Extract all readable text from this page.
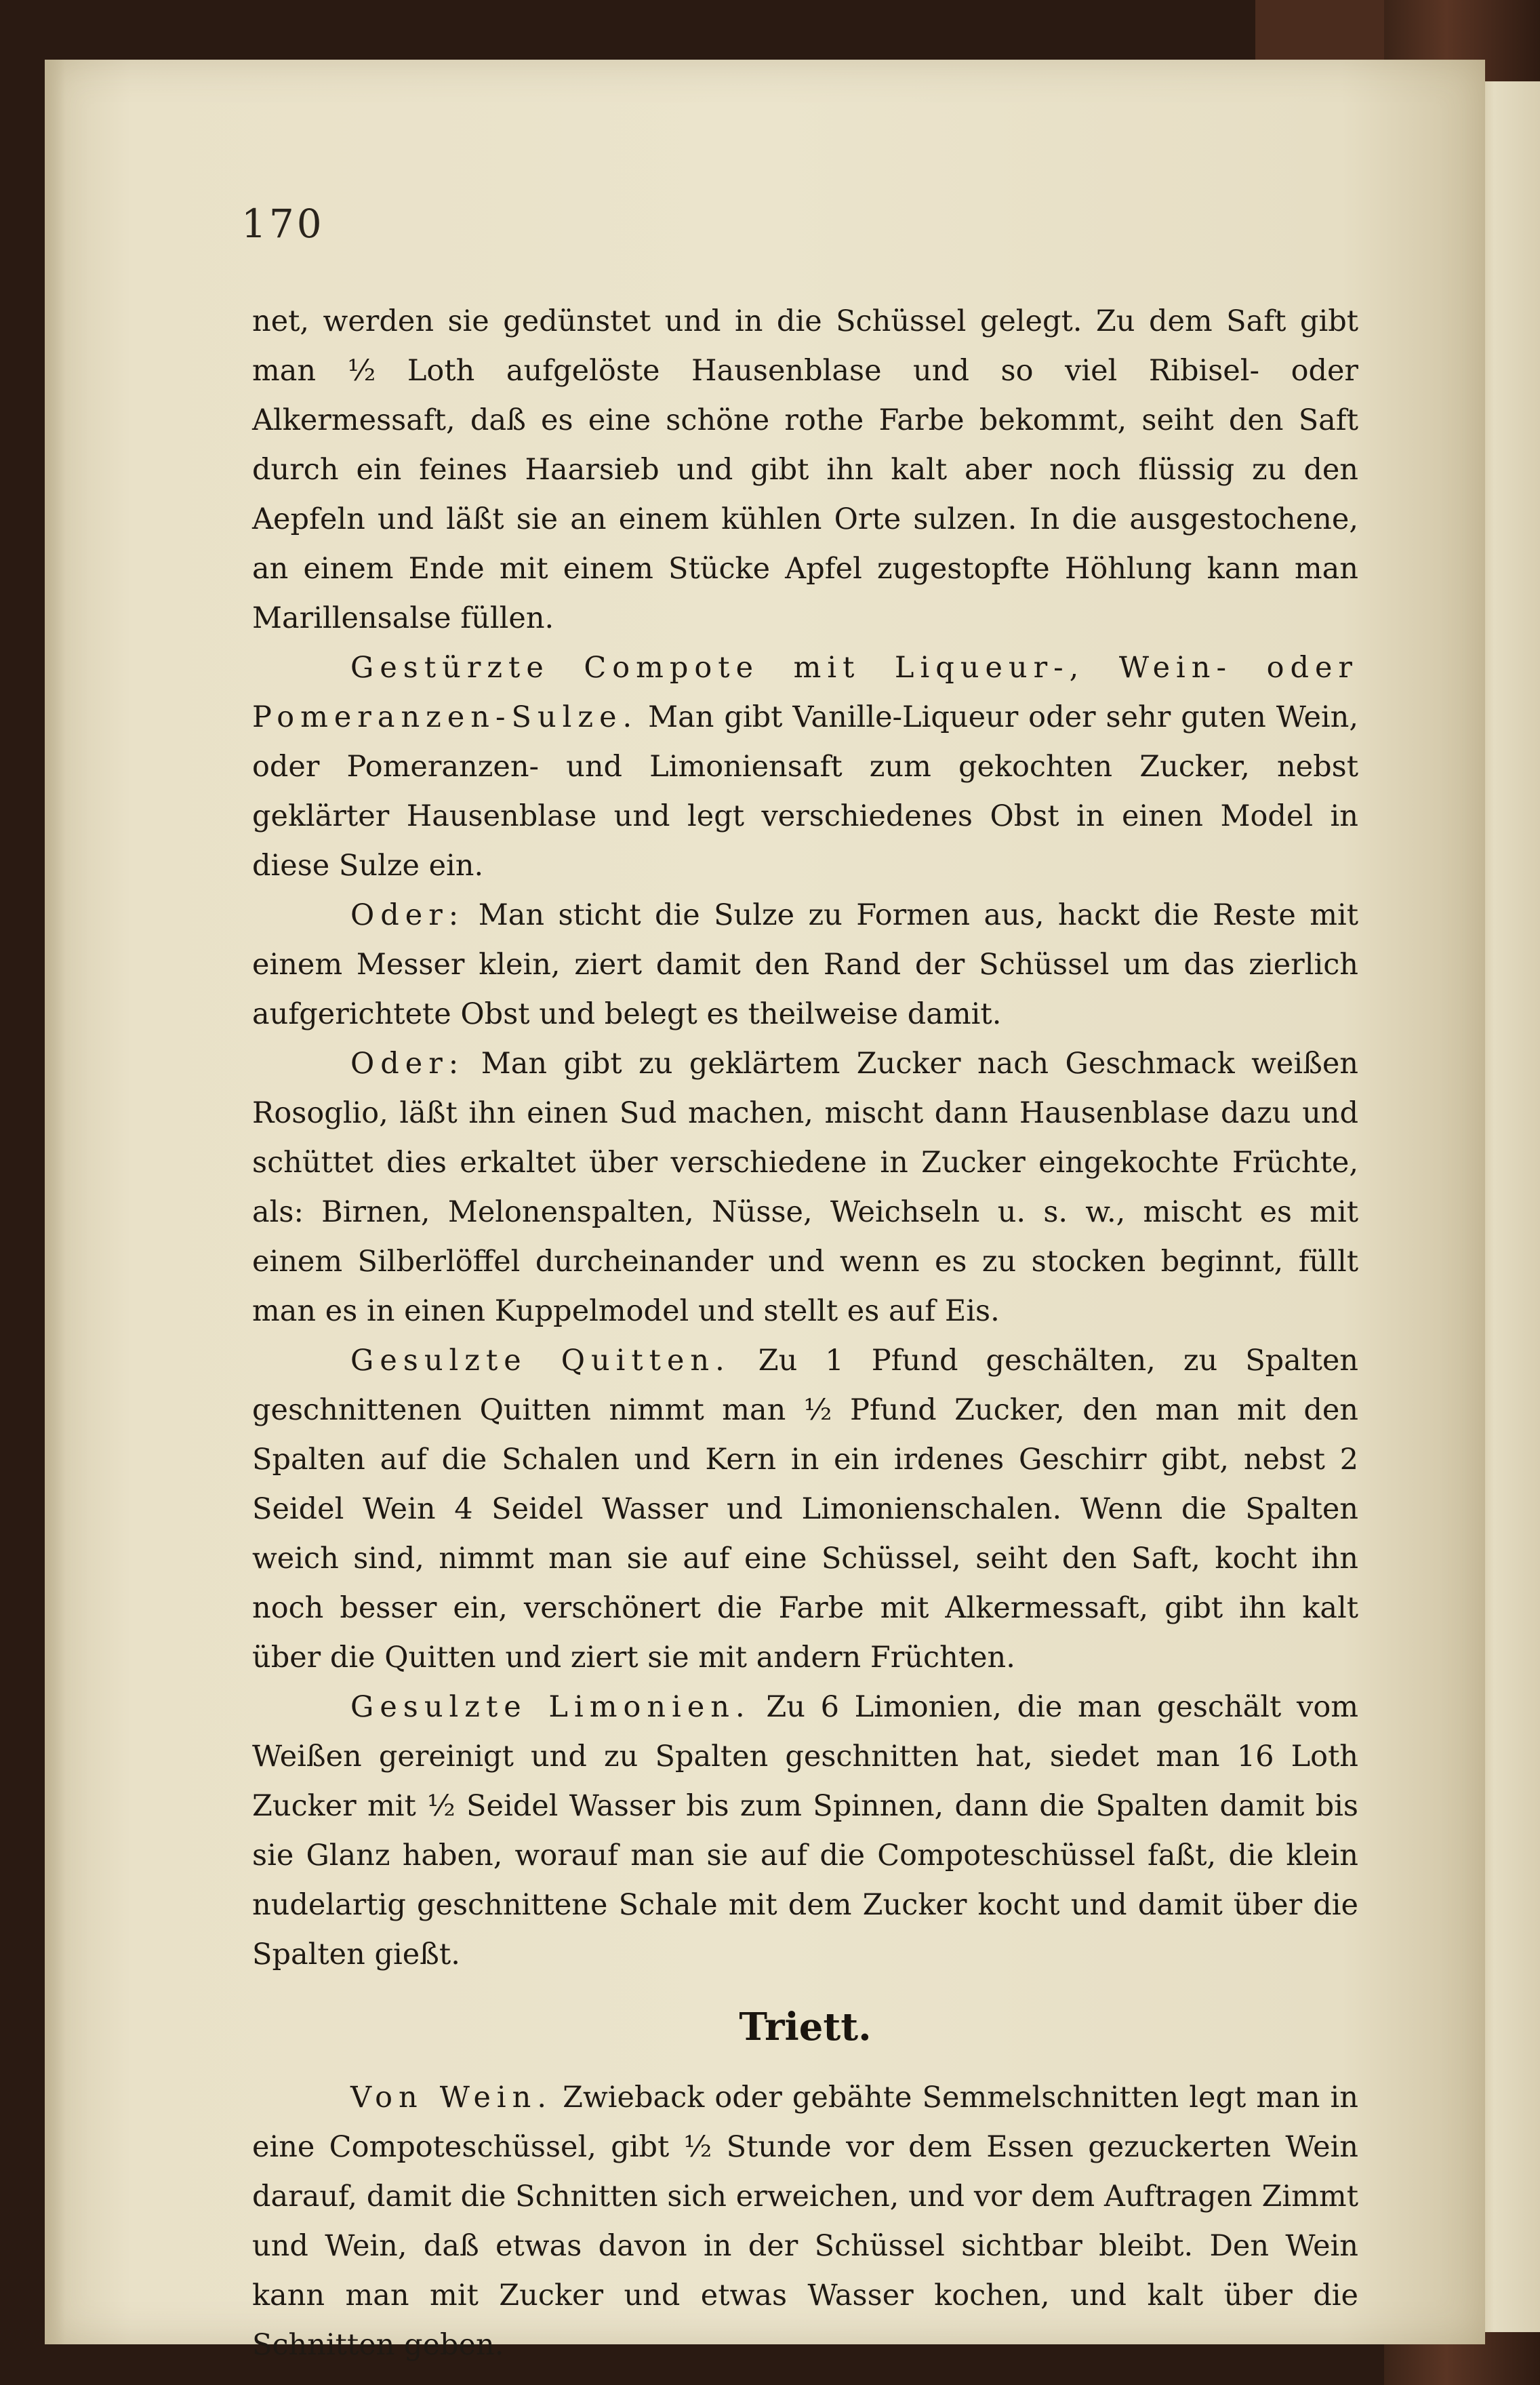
170

net, werden sie gedünstet und in die Schüssel gelegt. Zu dem Saft gibt man ½ Loth aufgelöste Hausenblase und so viel Ribisel- oder Alkermessaft, daß es eine schöne rothe Farbe bekommt, seiht den Saft durch ein feines Haarsieb und gibt ihn kalt aber noch flüssig zu den Aepfeln und läßt sie an einem kühlen Orte sulzen. In die ausgestochene, an einem Ende mit einem Stücke Apfel zugestopfte Höhlung kann man Marillensalse füllen.

Gestürzte Compote mit Liqueur-, Wein- oder Pomeranzen-Sulze. Man gibt Vanille-Liqueur oder sehr guten Wein, oder Pomeranzen- und Limoniensaft zum gekochten Zucker, nebst geklärter Hausenblase und legt verschiedenes Obst in einen Model in diese Sulze ein.

Oder: Man sticht die Sulze zu Formen aus, hackt die Reste mit einem Messer klein, ziert damit den Rand der Schüssel um das zierlich aufgerichtete Obst und belegt es theilweise damit.

Oder: Man gibt zu geklärtem Zucker nach Geschmack weißen Rosoglio, läßt ihn einen Sud machen, mischt dann Hausenblase dazu und schüttet dies erkaltet über verschiedene in Zucker eingekochte Früchte, als: Birnen, Melonenspalten, Nüsse, Weichseln u. s. w., mischt es mit einem Silberlöffel durcheinander und wenn es zu stocken beginnt, füllt man es in einen Kuppelmodel und stellt es auf Eis.

Gesulzte Quitten. Zu 1 Pfund geschälten, zu Spalten geschnittenen Quitten nimmt man ½ Pfund Zucker, den man mit den Spalten auf die Schalen und Kern in ein irdenes Geschirr gibt, nebst 2 Seidel Wein 4 Seidel Wasser und Limonienschalen. Wenn die Spalten weich sind, nimmt man sie auf eine Schüssel, seiht den Saft, kocht ihn noch besser ein, verschönert die Farbe mit Alkermessaft, gibt ihn kalt über die Quitten und ziert sie mit andern Früchten.

Gesulzte Limonien. Zu 6 Limonien, die man geschält vom Weißen gereinigt und zu Spalten geschnitten hat, siedet man 16 Loth Zucker mit ½ Seidel Wasser bis zum Spinnen, dann die Spalten damit bis sie Glanz haben, worauf man sie auf die Compoteschüssel faßt, die klein nudelartig geschnittene Schale mit dem Zucker kocht und damit über die Spalten gießt.

Triett.

Von Wein. Zwieback oder gebähte Semmelschnitten legt man in eine Compoteschüssel, gibt ½ Stunde vor dem Essen gezuckerten Wein darauf, damit die Schnitten sich erweichen, und vor dem Auftragen Zimmt und Wein, daß etwas davon in der Schüssel sichtbar bleibt. Den Wein kann man mit Zucker und etwas Wasser kochen, und kalt über die Schnitten geben.
